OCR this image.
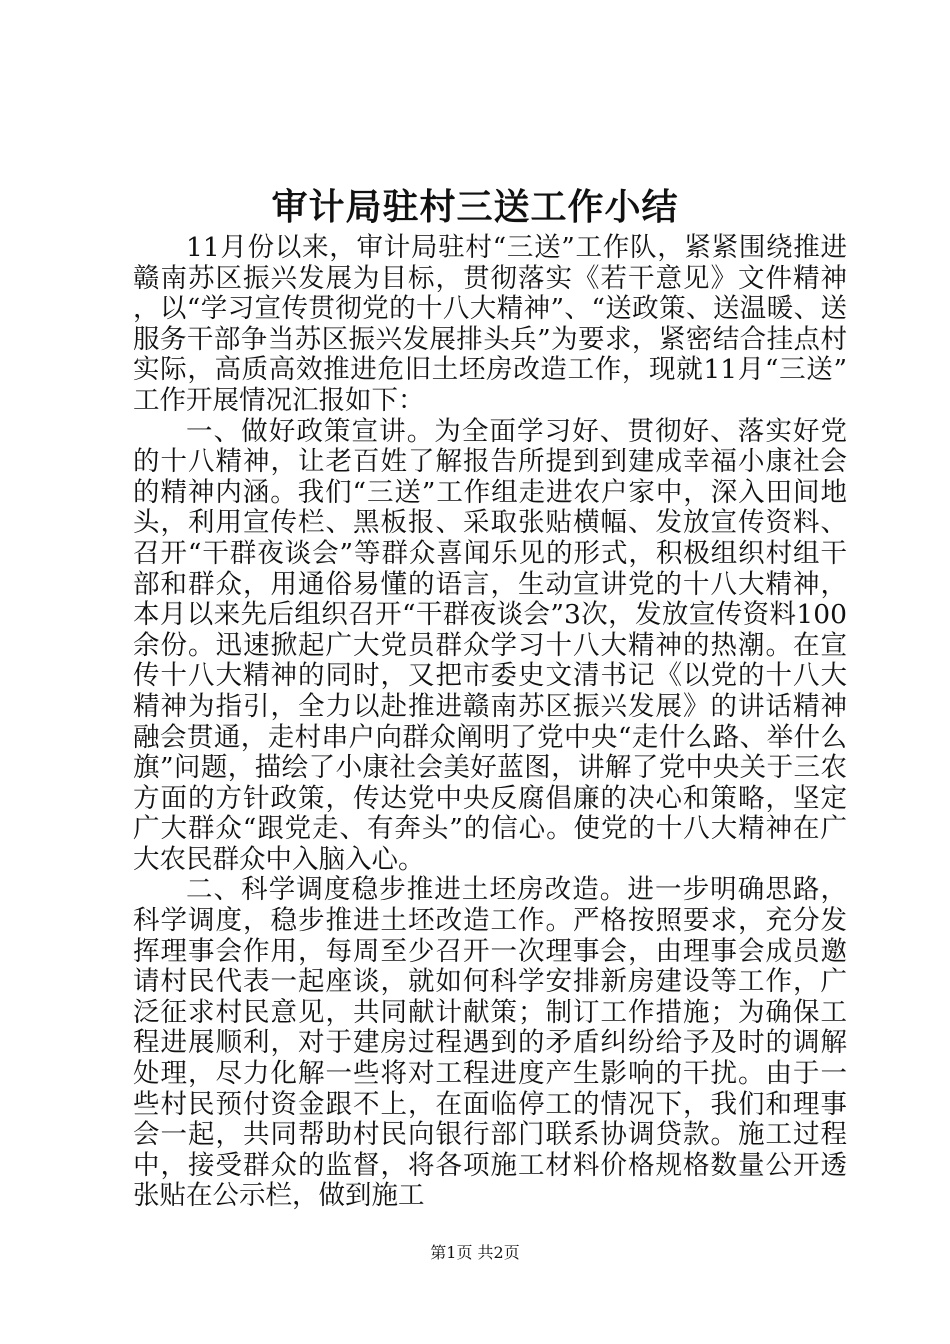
审计局驻村三送工作小结

11月份以来，审计局驻村“三送”工作队，紧紧围绕推进赣南苏区振兴发展为目标，贯彻落实《若干意见》文件精神，以“学习宣传贯彻党的十八大精神”、“送政策、送温暖、送服务干部争当苏区振兴发展排头兵”为要求，紧密结合挂点村实际，高质高效推进危旧土坯房改造工作，现就11月“三送”工作开展情况汇报如下：

一、做好政策宣讲。为全面学习好、贯彻好、落实好党的十八精神，让老百姓了解报告所提到到建成幸福小康社会的精神内涵。我们“三送”工作组走进农户家中，深入田间地头，利用宣传栏、黑板报、采取张贴横幅、发放宣传资料、召开“干群夜谈会”等群众喜闻乐见的形式，积极组织村组干部和群众，用通俗易懂的语言，生动宣讲党的十八大精神，本月以来先后组织召开“干群夜谈会”3次，发放宣传资料100余份。迅速掀起广大党员群众学习十八大精神的热潮。在宣传十八大精神的同时，又把市委史文清书记《以党的十八大精神为指引，全力以赴推进赣南苏区振兴发展》的讲话精神融会贯通，走村串户向群众阐明了党中央“走什么路、举什么旗”问题，描绘了小康社会美好蓝图，讲解了党中央关于三农方面的方针政策，传达党中央反腐倡廉的决心和策略，坚定广大群众“跟党走、有奔头”的信心。使党的十八大精神在广大农民群众中入脑入心。

二、科学调度稳步推进土坯房改造。进一步明确思路，科学调度，稳步推进土坯改造工作。严格按照要求，充分发挥理事会作用，每周至少召开一次理事会，由理事会成员邀请村民代表一起座谈，就如何科学安排新房建设等工作，广泛征求村民意见，共同献计献策；制订工作措施；为确保工程进展顺利，对于建房过程遇到的矛盾纠纷给予及时的调解处理，尽力化解一些将对工程进度产生影响的干扰。由于一些村民预付资金跟不上，在面临停工的情况下，我们和理事会一起，共同帮助村民向银行部门联系协调贷款。施工过程中，接受群众的监督，将各项施工材料价格规格数量公开透张贴在公示栏，做到施工

第1页 共2页
